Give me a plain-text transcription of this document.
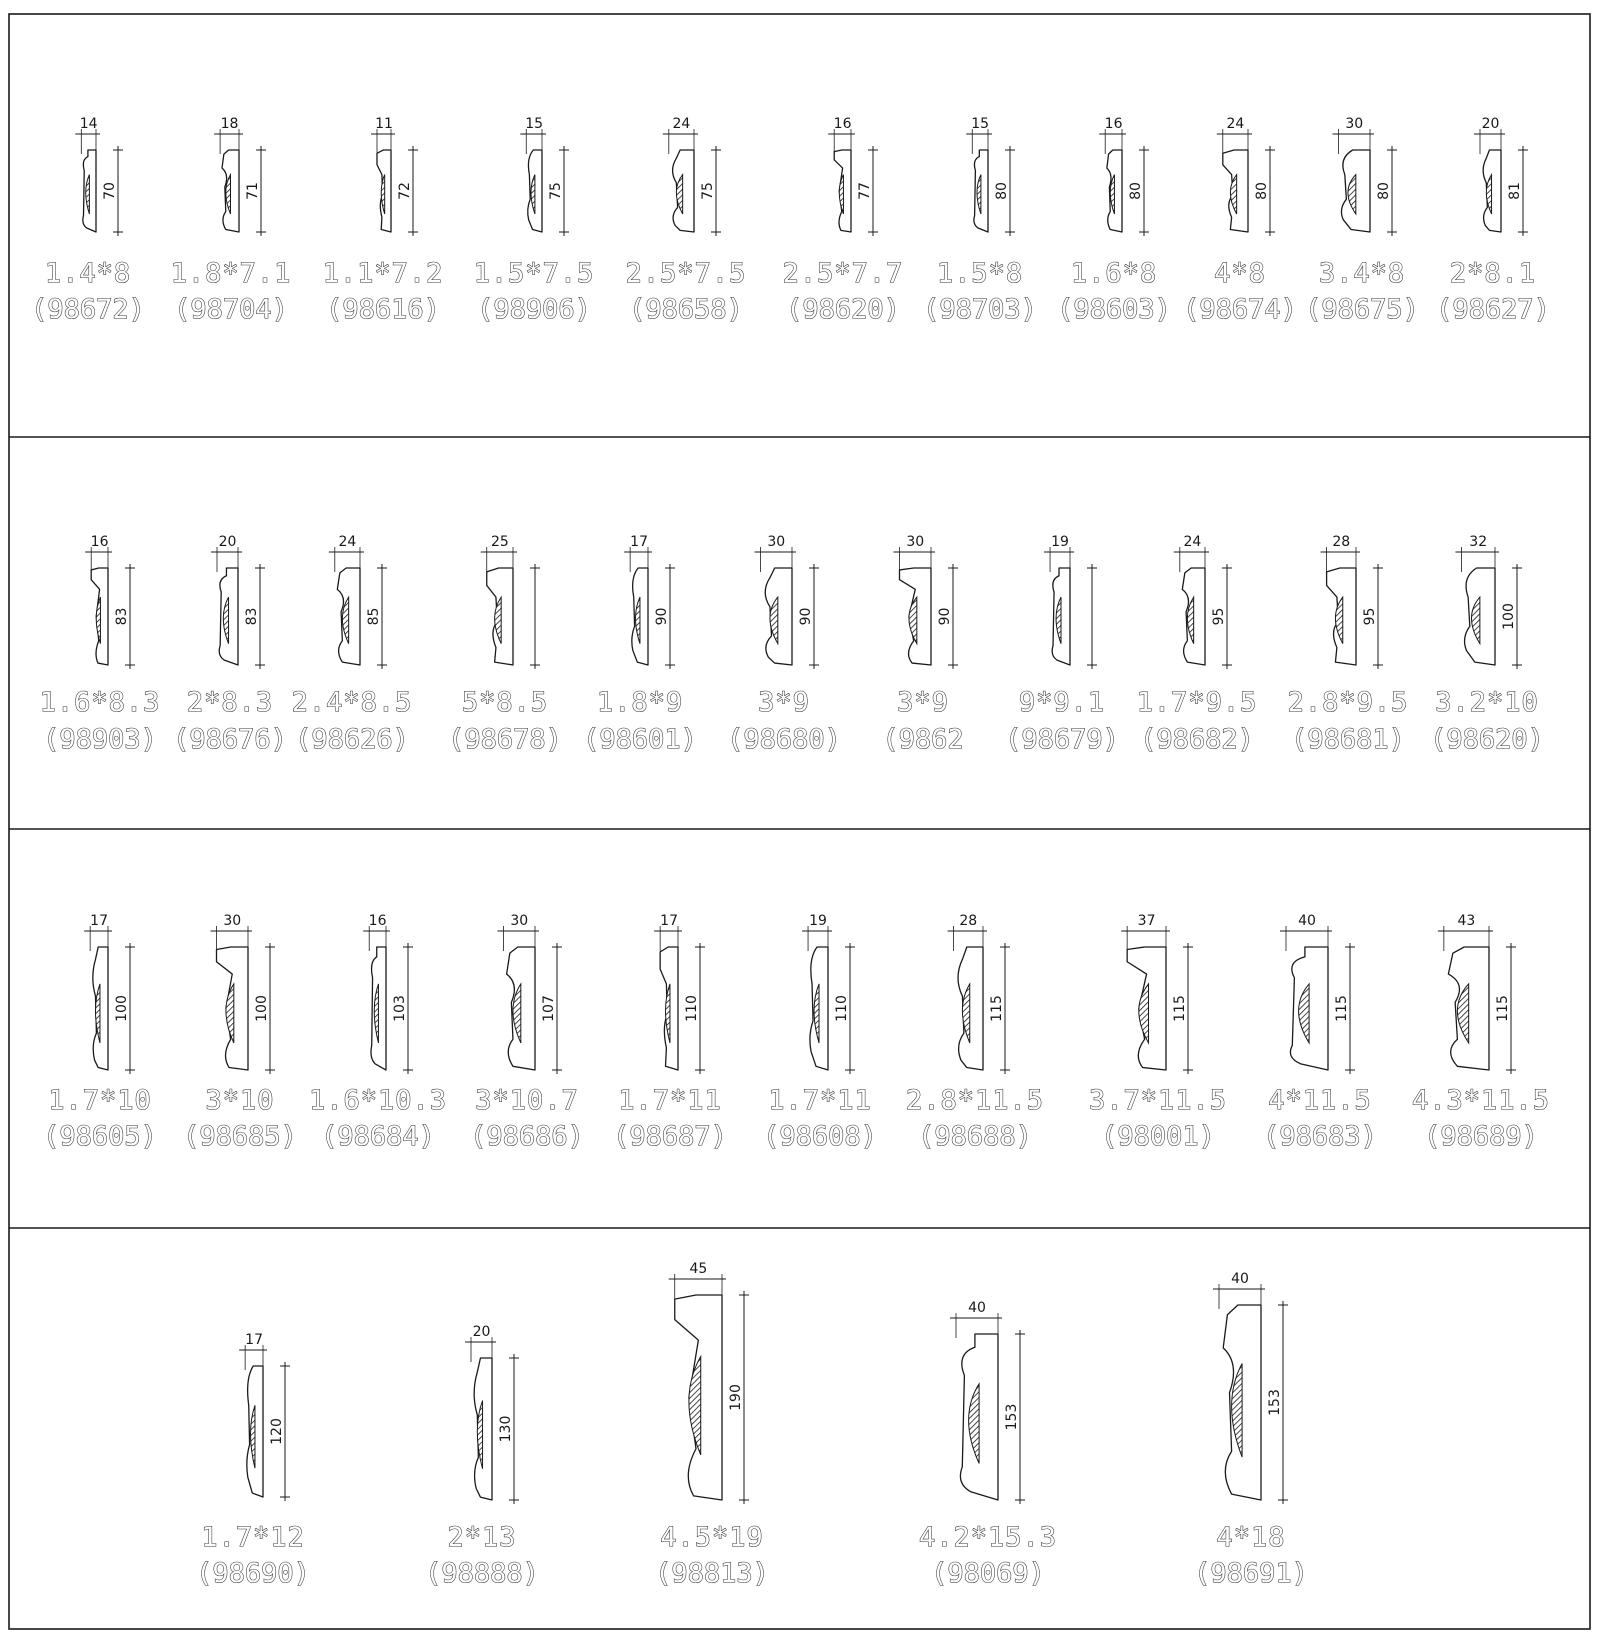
14
70
1.4*8
(98672)
18
71
1.8*7.1
(98704)
11
72
1.1*7.2
(98616)
15
75
1.5*7.5
(98906)
24
75
2.5*7.5
(98658)
16
77
2.5*7.7
(98620)
15
80
1.5*8
(98703)
16
80
1.6*8
(98603)
24
80
4*8
(98674)
30
80
3.4*8
(98675)
20
81
2*8.1
(98627)
16
83
1.6*8.3
(98903)
20
83
2*8.3
(98676)
24
85
2.4*8.5
(98626)
25
5*8.5
(98678)
17
90
1.8*9
(98601)
30
90
3*9
(98680)
30
90
3*9
(9862
19
9*9.1
(98679)
24
95
1.7*9.5
(98682)
28
95
2.8*9.5
(98681)
32
100
3.2*10
(98620)
17
100
1.7*10
(98605)
30
100
3*10
(98685)
16
103
1.6*10.3
(98684)
30
107
3*10.7
(98686)
17
110
1.7*11
(98687)
19
110
1.7*11
(98608)
28
115
2.8*11.5
(98688)
37
115
3.7*11.5
(98001)
40
115
4*11.5
(98683)
43
115
4.3*11.5
(98689)
17
120
1.7*12
(98690)
20
130
2*13
(98888)
45
190
4.5*19
(98813)
40
153
4.2*15.3
(98069)
40
153
4*18
(98691)
